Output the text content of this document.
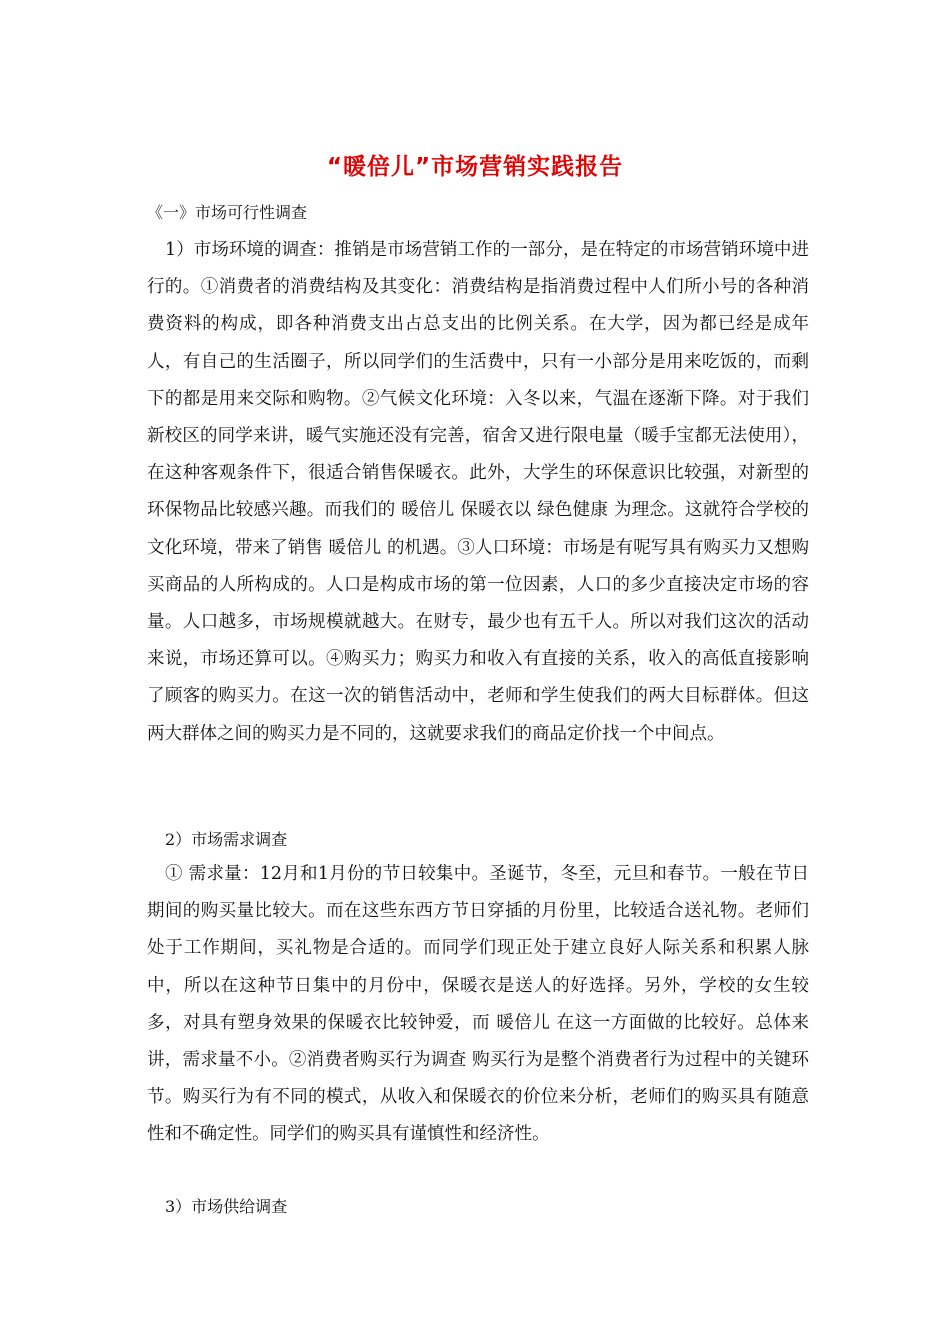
“暖倍儿”市场营销实践报告
《一》市场可行性调查

1）市场环境的调查：推销是市场营销工作的一部分，是在特定的市场营销环境中进行的。①消费者的消费结构及其变化：消费结构是指消费过程中人们所小号的各种消费资料的构成，即各种消费支出占总支出的比例关系。在大学，因为都已经是成年人，有自己的生活圈子，所以同学们的生活费中，只有一小部分是用来吃饭的，而剩下的都是用来交际和购物。②气候文化环境：入冬以来，气温在逐渐下降。对于我们新校区的同学来讲，暖气实施还没有完善，宿舍又进行限电量（暖手宝都无法使用），在这种客观条件下，很适合销售保暖衣。此外，大学生的环保意识比较强，对新型的环保物品比较感兴趣。而我们的 暖倍儿 保暖衣以 绿色健康 为理念。这就符合学校的文化环境，带来了销售 暖倍儿 的机遇。③人口环境：市场是有呢写具有购买力又想购买商品的人所构成的。人口是构成市场的第一位因素，人口的多少直接决定市场的容量。人口越多，市场规模就越大。在财专，最少也有五千人。所以对我们这次的活动来说，市场还算可以。④购买力；购买力和收入有直接的关系，收入的高低直接影响了顾客的购买力。在这一次的销售活动中，老师和学生使我们的两大目标群体。但这两大群体之间的购买力是不同的，这就要求我们的商品定价找一个中间点。

2）市场需求调查

① 需求量：12月和1月份的节日较集中。圣诞节，冬至，元旦和春节。一般在节日期间的购买量比较大。而在这些东西方节日穿插的月份里，比较适合送礼物。老师们处于工作期间，买礼物是合适的。而同学们现正处于建立良好人际关系和积累人脉中，所以在这种节日集中的月份中，保暖衣是送人的好选择。另外，学校的女生较多，对具有塑身效果的保暖衣比较钟爱，而 暖倍儿 在这一方面做的比较好。总体来讲，需求量不小。②消费者购买行为调查 购买行为是整个消费者行为过程中的关键环节。购买行为有不同的模式，从收入和保暖衣的价位来分析，老师们的购买具有随意性和不确定性。同学们的购买具有谨慎性和经济性。

3）市场供给调查
